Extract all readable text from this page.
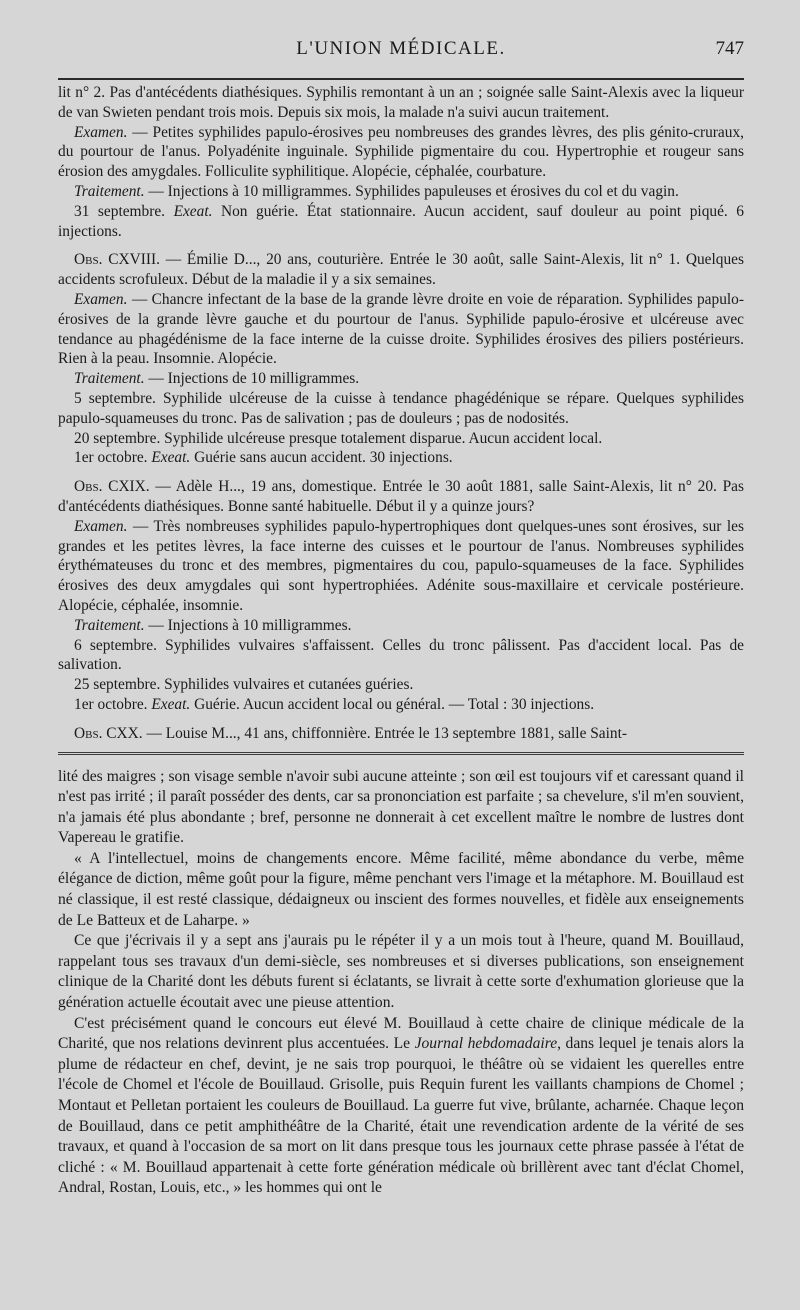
L'UNION MÉDICALE.	747

lit n° 2. Pas d'antécédents diathésiques. Syphilis remontant à un an ; soignée salle Saint-Alexis avec la liqueur de van Swieten pendant trois mois. Depuis six mois, la malade n'a suivi aucun traitement.

Examen. — Petites syphilides papulo-érosives peu nombreuses des grandes lèvres, des plis génito-cruraux, du pourtour de l'anus. Polyadénite inguinale. Syphilide pigmentaire du cou. Hypertrophie et rougeur sans érosion des amygdales. Folliculite syphilitique. Alopécie, céphalée, courbature.

Traitement. — Injections à 10 milligrammes. Syphilides papuleuses et érosives du col et du vagin.

31 septembre. Exeat. Non guérie. État stationnaire. Aucun accident, sauf douleur au point piqué. 6 injections.

Obs. CXVIII. — Émilie D..., 20 ans, couturière. Entrée le 30 août, salle Saint-Alexis, lit n° 1. Quelques accidents scrofuleux. Début de la maladie il y a six semaines.

Examen. — Chancre infectant de la base de la grande lèvre droite en voie de réparation. Syphilides papulo-érosives de la grande lèvre gauche et du pourtour de l'anus. Syphilide papulo-érosive et ulcéreuse avec tendance au phagédénisme de la face interne de la cuisse droite. Syphilides érosives des piliers postérieurs. Rien à la peau. Insomnie. Alopécie.

Traitement. — Injections de 10 milligrammes.

5 septembre. Syphilide ulcéreuse de la cuisse à tendance phagédénique se répare. Quelques syphilides papulo-squameuses du tronc. Pas de salivation ; pas de douleurs ; pas de nodosités.

20 septembre. Syphilide ulcéreuse presque totalement disparue. Aucun accident local.

1er octobre. Exeat. Guérie sans aucun accident. 30 injections.

Obs. CXIX. — Adèle H..., 19 ans, domestique. Entrée le 30 août 1881, salle Saint-Alexis, lit n° 20. Pas d'antécédents diathésiques. Bonne santé habituelle. Début il y a quinze jours?

Examen. — Très nombreuses syphilides papulo-hypertrophiques dont quelques-unes sont érosives, sur les grandes et les petites lèvres, la face interne des cuisses et le pourtour de l'anus. Nombreuses syphilides érythémateuses du tronc et des membres, pigmentaires du cou, papulo-squameuses de la face. Syphilides érosives des deux amygdales qui sont hypertrophiées. Adénite sous-maxillaire et cervicale postérieure. Alopécie, céphalée, insomnie.

Traitement. — Injections à 10 milligrammes.

6 septembre. Syphilides vulvaires s'affaissent. Celles du tronc pâlissent. Pas d'accident local. Pas de salivation.

25 septembre. Syphilides vulvaires et cutanées guéries.

1er octobre. Exeat. Guérie. Aucun accident local ou général. — Total : 30 injections.

Obs. CXX. — Louise M..., 41 ans, chiffonnière. Entrée le 13 septembre 1881, salle Saint-

lité des maigres ; son visage semble n'avoir subi aucune atteinte ; son œil est toujours vif et caressant quand il n'est pas irrité ; il paraît posséder des dents, car sa prononciation est parfaite ; sa chevelure, s'il m'en souvient, n'a jamais été plus abondante ; bref, personne ne donnerait à cet excellent maître le nombre de lustres dont Vapereau le gratifie.

« A l'intellectuel, moins de changements encore. Même facilité, même abondance du verbe, même élégance de diction, même goût pour la figure, même penchant vers l'image et la métaphore. M. Bouillaud est né classique, il est resté classique, dédaigneux ou inscient des formes nouvelles, et fidèle aux enseignements de Le Batteux et de Laharpe. »

Ce que j'écrivais il y a sept ans j'aurais pu le répéter il y a un mois tout à l'heure, quand M. Bouillaud, rappelant tous ses travaux d'un demi-siècle, ses nombreuses et si diverses publications, son enseignement clinique de la Charité dont les débuts furent si éclatants, se livrait à cette sorte d'exhumation glorieuse que la génération actuelle écoutait avec une pieuse attention.

C'est précisément quand le concours eut élevé M. Bouillaud à cette chaire de clinique médicale de la Charité, que nos relations devinrent plus accentuées. Le Journal hebdomadaire, dans lequel je tenais alors la plume de rédacteur en chef, devint, je ne sais trop pourquoi, le théâtre où se vidaient les querelles entre l'école de Chomel et l'école de Bouillaud. Grisolle, puis Requin furent les vaillants champions de Chomel ; Montaut et Pelletan portaient les couleurs de Bouillaud. La guerre fut vive, brûlante, acharnée. Chaque leçon de Bouillaud, dans ce petit amphithéâtre de la Charité, était une revendication ardente de la vérité de ses travaux, et quand à l'occasion de sa mort on lit dans presque tous les journaux cette phrase passée à l'état de cliché : « M. Bouillaud appartenait à cette forte génération médicale où brillèrent avec tant d'éclat Chomel, Andral, Rostan, Louis, etc., » les hommes qui ont le
